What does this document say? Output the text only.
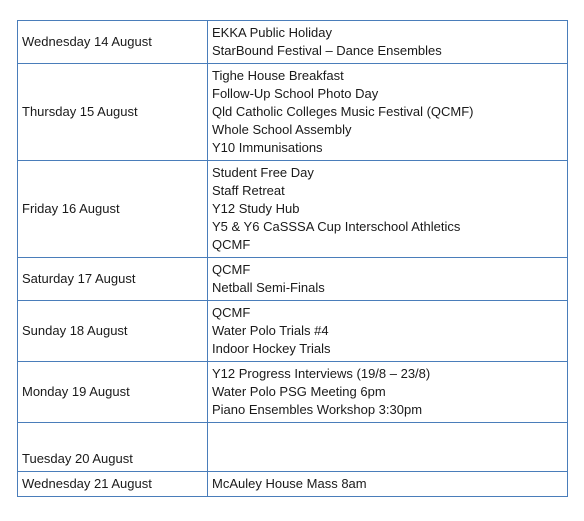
Wednesday 14 August	EKKA Public Holiday
StarBound Festival – Dance Ensembles

Thursday 15 August	Tighe House Breakfast
Follow-Up School Photo Day
Qld Catholic Colleges Music Festival (QCMF)
Whole School Assembly
Y10 Immunisations

Friday 16 August	Student Free Day
Staff Retreat
Y12 Study Hub
Y5 & Y6 CaSSSA Cup Interschool Athletics
QCMF

Saturday 17 August	QCMF
Netball Semi-Finals

Sunday 18 August	QCMF
Water Polo Trials #4
Indoor Hockey Trials

Monday 19 August	Y12 Progress Interviews (19/8 – 23/8)
Water Polo PSG Meeting 6pm
Piano Ensembles Workshop 3:30pm

Tuesday 20 August	
Wednesday 21 August	McAuley House Mass 8am
